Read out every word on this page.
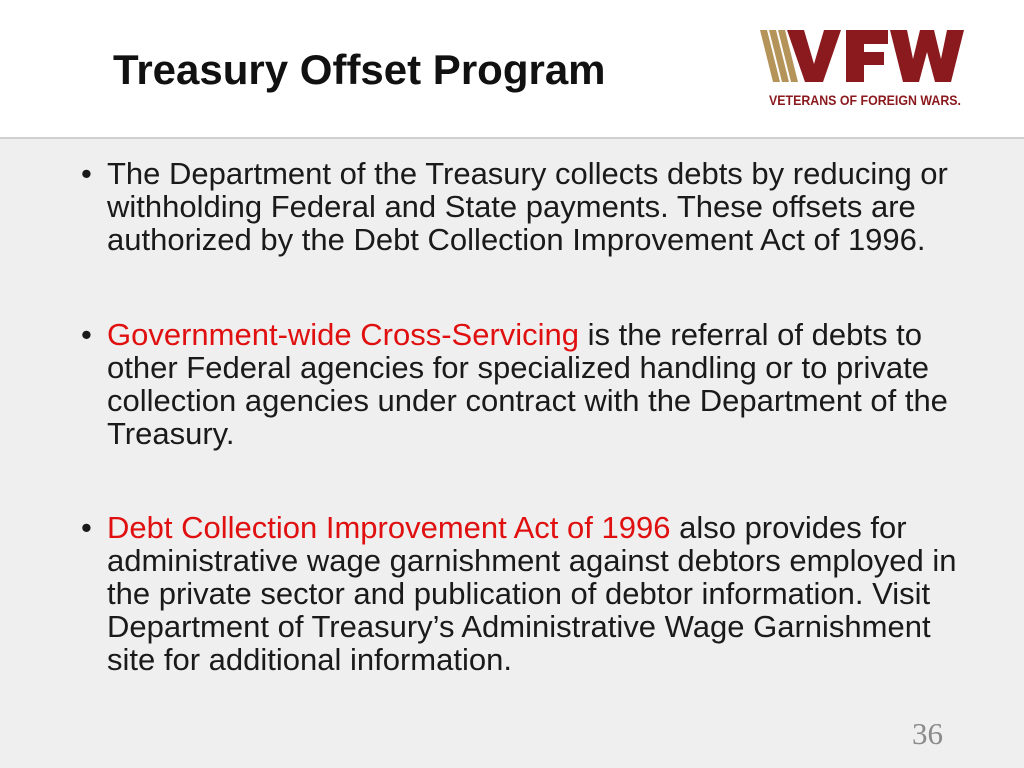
Treasury Offset Program
VETERANS OF FOREIGN WARS.
• The Department of the Treasury collects debts by reducing or withholding Federal and State payments. These offsets are authorized by the Debt Collection Improvement Act of 1996.
• Government-wide Cross-Servicing is the referral of debts to other Federal agencies for specialized handling or to private collection agencies under contract with the Department of the Treasury.
• Debt Collection Improvement Act of 1996 also provides for administrative wage garnishment against debtors employed in the private sector and publication of debtor information. Visit Department of Treasury’s Administrative Wage Garnishment site for additional information.
36
